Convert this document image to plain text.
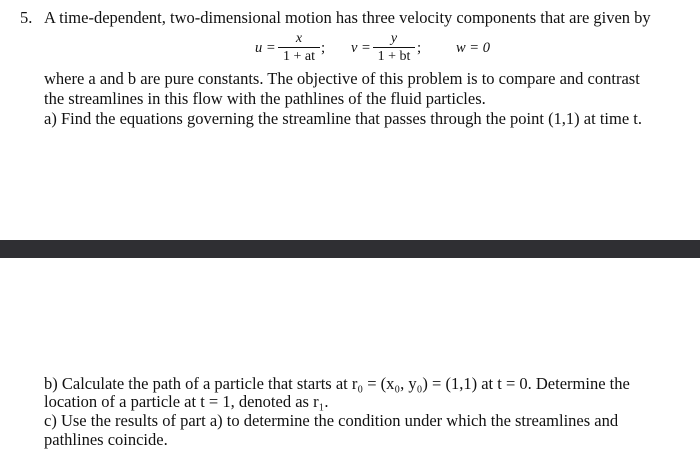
5. A time-dependent, two-dimensional motion has three velocity components that are given by
u =
x
1 + at
; v =
y
1 + bt
; w = 0
where a and b are pure constants. The objective of this problem is to compare and contrast
the streamlines in this flow with the pathlines of the fluid particles.
a) Find the equations governing the streamline that passes through the point (1,1) at time t.
b) Calculate the path of a particle that starts at r₀ = (x₀, y₀) = (1,1) at t = 0. Determine the
location of a particle at t = 1, denoted as r₁.
c) Use the results of part a) to determine the condition under which the streamlines and
pathlines coincide.
